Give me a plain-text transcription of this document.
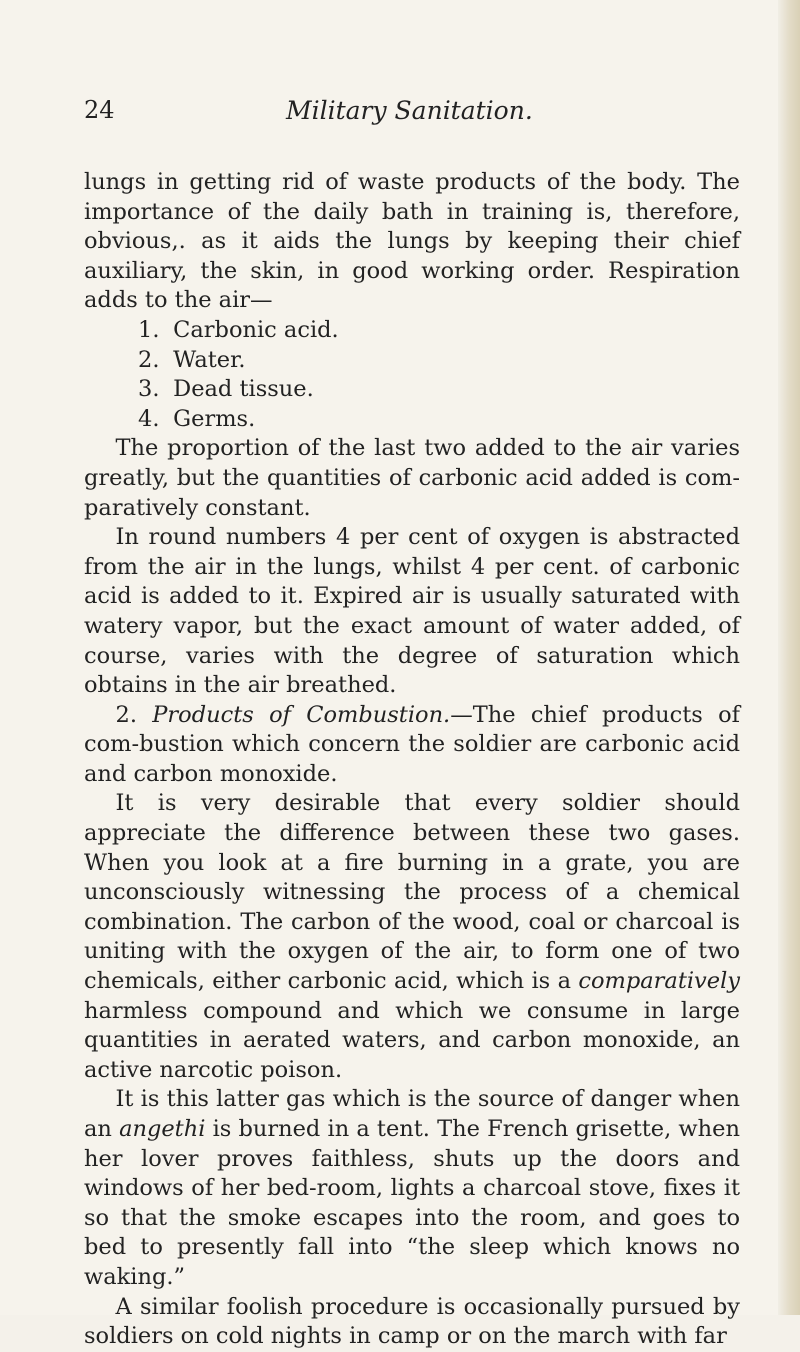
24	Military Sanitation.

lungs in getting rid of waste products of the body. The importance of the daily bath in training is, therefore, obvious,. as it aids the lungs by keeping their chief auxiliary, the skin, in good working order. Respiration adds to the air—

1. Carbonic acid.
2. Water.
3. Dead tissue.
4. Germs.

The proportion of the last two added to the air varies greatly, but the quantities of carbonic acid added is com-paratively constant.

In round numbers 4 per cent of oxygen is abstracted from the air in the lungs, whilst 4 per cent. of carbonic acid is added to it. Expired air is usually saturated with watery vapor, but the exact amount of water added, of course, varies with the degree of saturation which obtains in the air breathed.

2. Products of Combustion.—The chief products of com-bustion which concern the soldier are carbonic acid and carbon monoxide.

It is very desirable that every soldier should appreciate the difference between these two gases. When you look at a fire burning in a grate, you are unconsciously witnessing the process of a chemical combination. The carbon of the wood, coal or charcoal is uniting with the oxygen of the air, to form one of two chemicals, either carbonic acid, which is a comparatively harmless compound and which we consume in large quantities in aerated waters, and carbon monoxide, an active narcotic poison.

It is this latter gas which is the source of danger when an angethi is burned in a tent. The French grisette, when her lover proves faithless, shuts up the doors and windows of her bed-room, lights a charcoal stove, fixes it so that the smoke escapes into the room, and goes to bed to presently fall into “the sleep which knows no waking.”

A similar foolish procedure is occasionally pursued by soldiers on cold nights in camp or on the march with far
